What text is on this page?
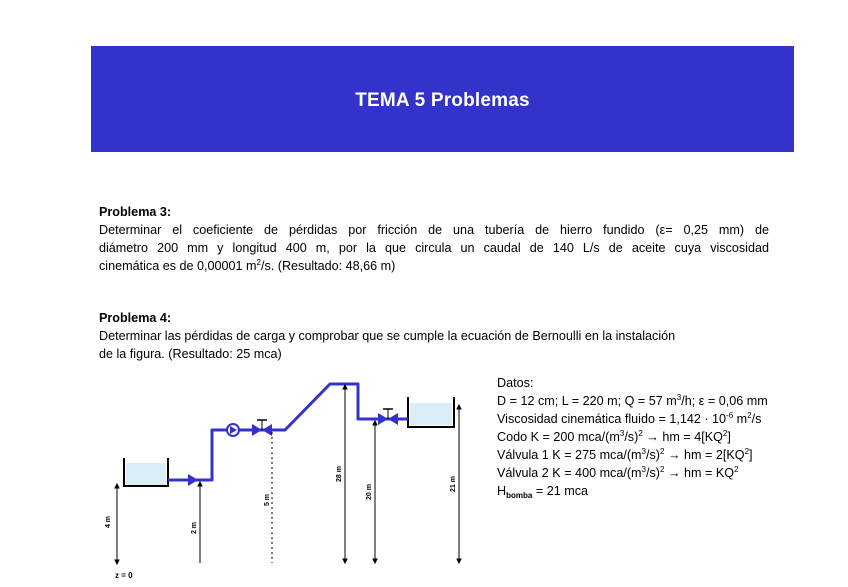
TEMA 5 Problemas
Problema 3:
Determinar el coeficiente de pérdidas por fricción de una tubería de hierro fundido (ε= 0,25 mm) de
diámetro 200 mm y longitud 400 m, por la que circula un caudal de 140 L/s de aceite cuya viscosidad
cinemática es de 0,00001 $m^2/s$. (Resultado: 48,66 m)
Problema 4:
Determinar las pérdidas de carga y comprobar que se cumple la ecuación de Bernoulli en la instalación
de la figura. (Resultado: 25 mca)
Datos:
D = 12 cm; L = 220 m; Q = 57 $m^3/h$; ε = 0,06 mm
Viscosidad cinemática fluido = $1,142 \cdot 10^{-6}$ $m^2/s$
Codo K = 200 mca/$(m^3/s)^2$ → hm = $4[KQ^2]$
Válvula 1 K = 275 mca/$(m^3/s)^2$ → hm = $2[KQ^2]$
Válvula 2 K = 400 mca/$(m^3/s)^2$ → hm = $KQ^2$
$H_{bomba} = 21$ mca
4 m	2 m
5 m
28 m
20 m
21 m
z = 0
